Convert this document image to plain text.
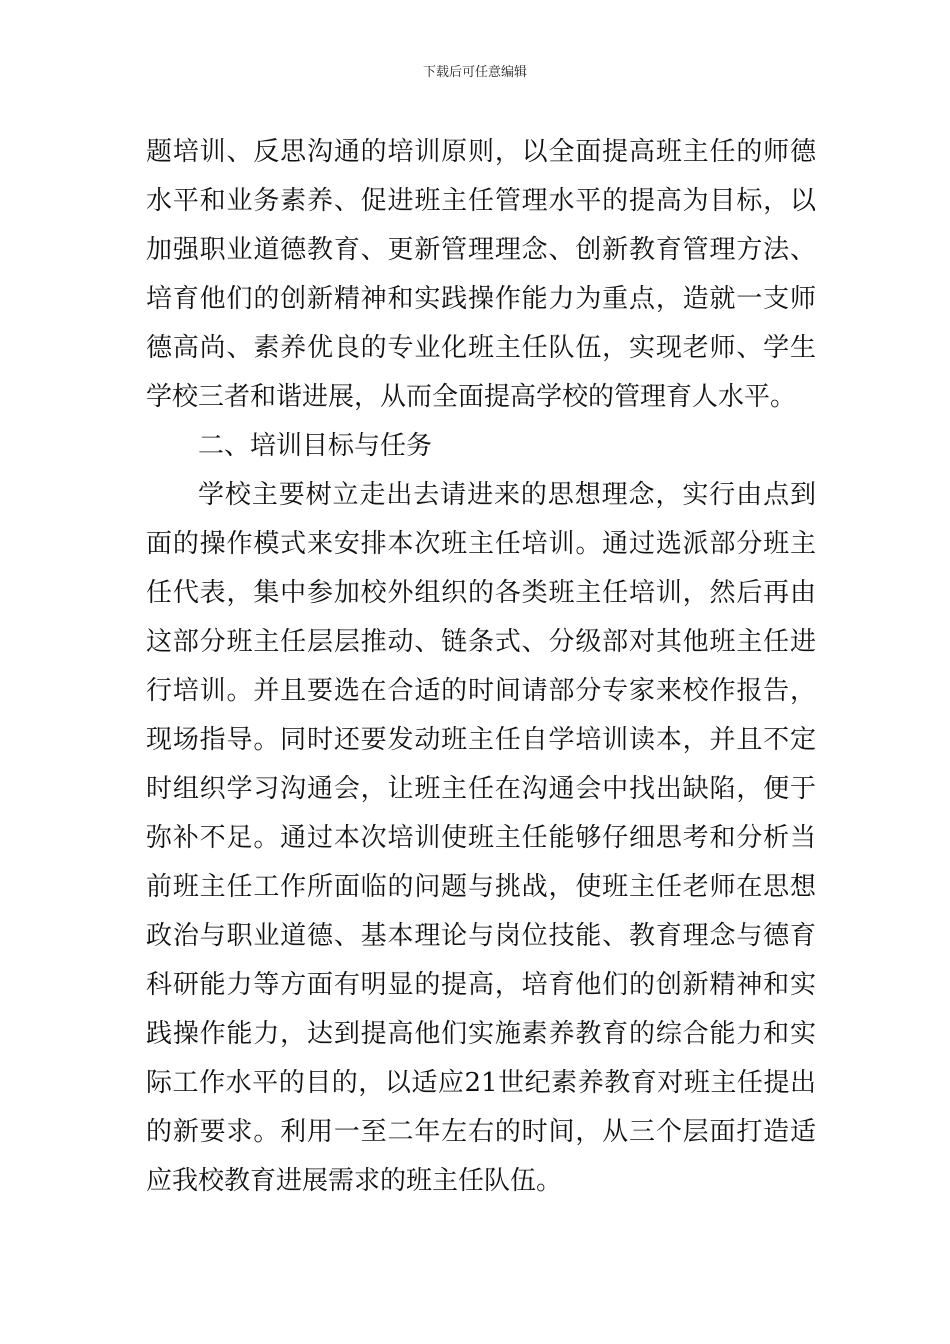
下载后可任意编辑
题培训、反思沟通的培训原则，以全面提高班主任的师德
水平和业务素养、促进班主任管理水平的提高为目标，以
加强职业道德教育、更新管理理念、创新教育管理方法、
培育他们的创新精神和实践操作能力为重点，造就一支师
德高尚、素养优良的专业化班主任队伍，实现老师、学生
学校三者和谐进展，从而全面提高学校的管理育人水平。
二、培训目标与任务
学校主要树立走出去请进来的思想理念，实行由点到
面的操作模式来安排本次班主任培训。通过选派部分班主
任代表，集中参加校外组织的各类班主任培训，然后再由
这部分班主任层层推动、链条式、分级部对其他班主任进
行培训。并且要选在合适的时间请部分专家来校作报告，
现场指导。同时还要发动班主任自学培训读本，并且不定
时组织学习沟通会，让班主任在沟通会中找出缺陷，便于
弥补不足。通过本次培训使班主任能够仔细思考和分析当
前班主任工作所面临的问题与挑战，使班主任老师在思想
政治与职业道德、基本理论与岗位技能、教育理念与德育
科研能力等方面有明显的提高，培育他们的创新精神和实
践操作能力，达到提高他们实施素养教育的综合能力和实
际工作水平的目的，以适应21世纪素养教育对班主任提出
的新要求。利用一至二年左右的时间，从三个层面打造适
应我校教育进展需求的班主任队伍。
